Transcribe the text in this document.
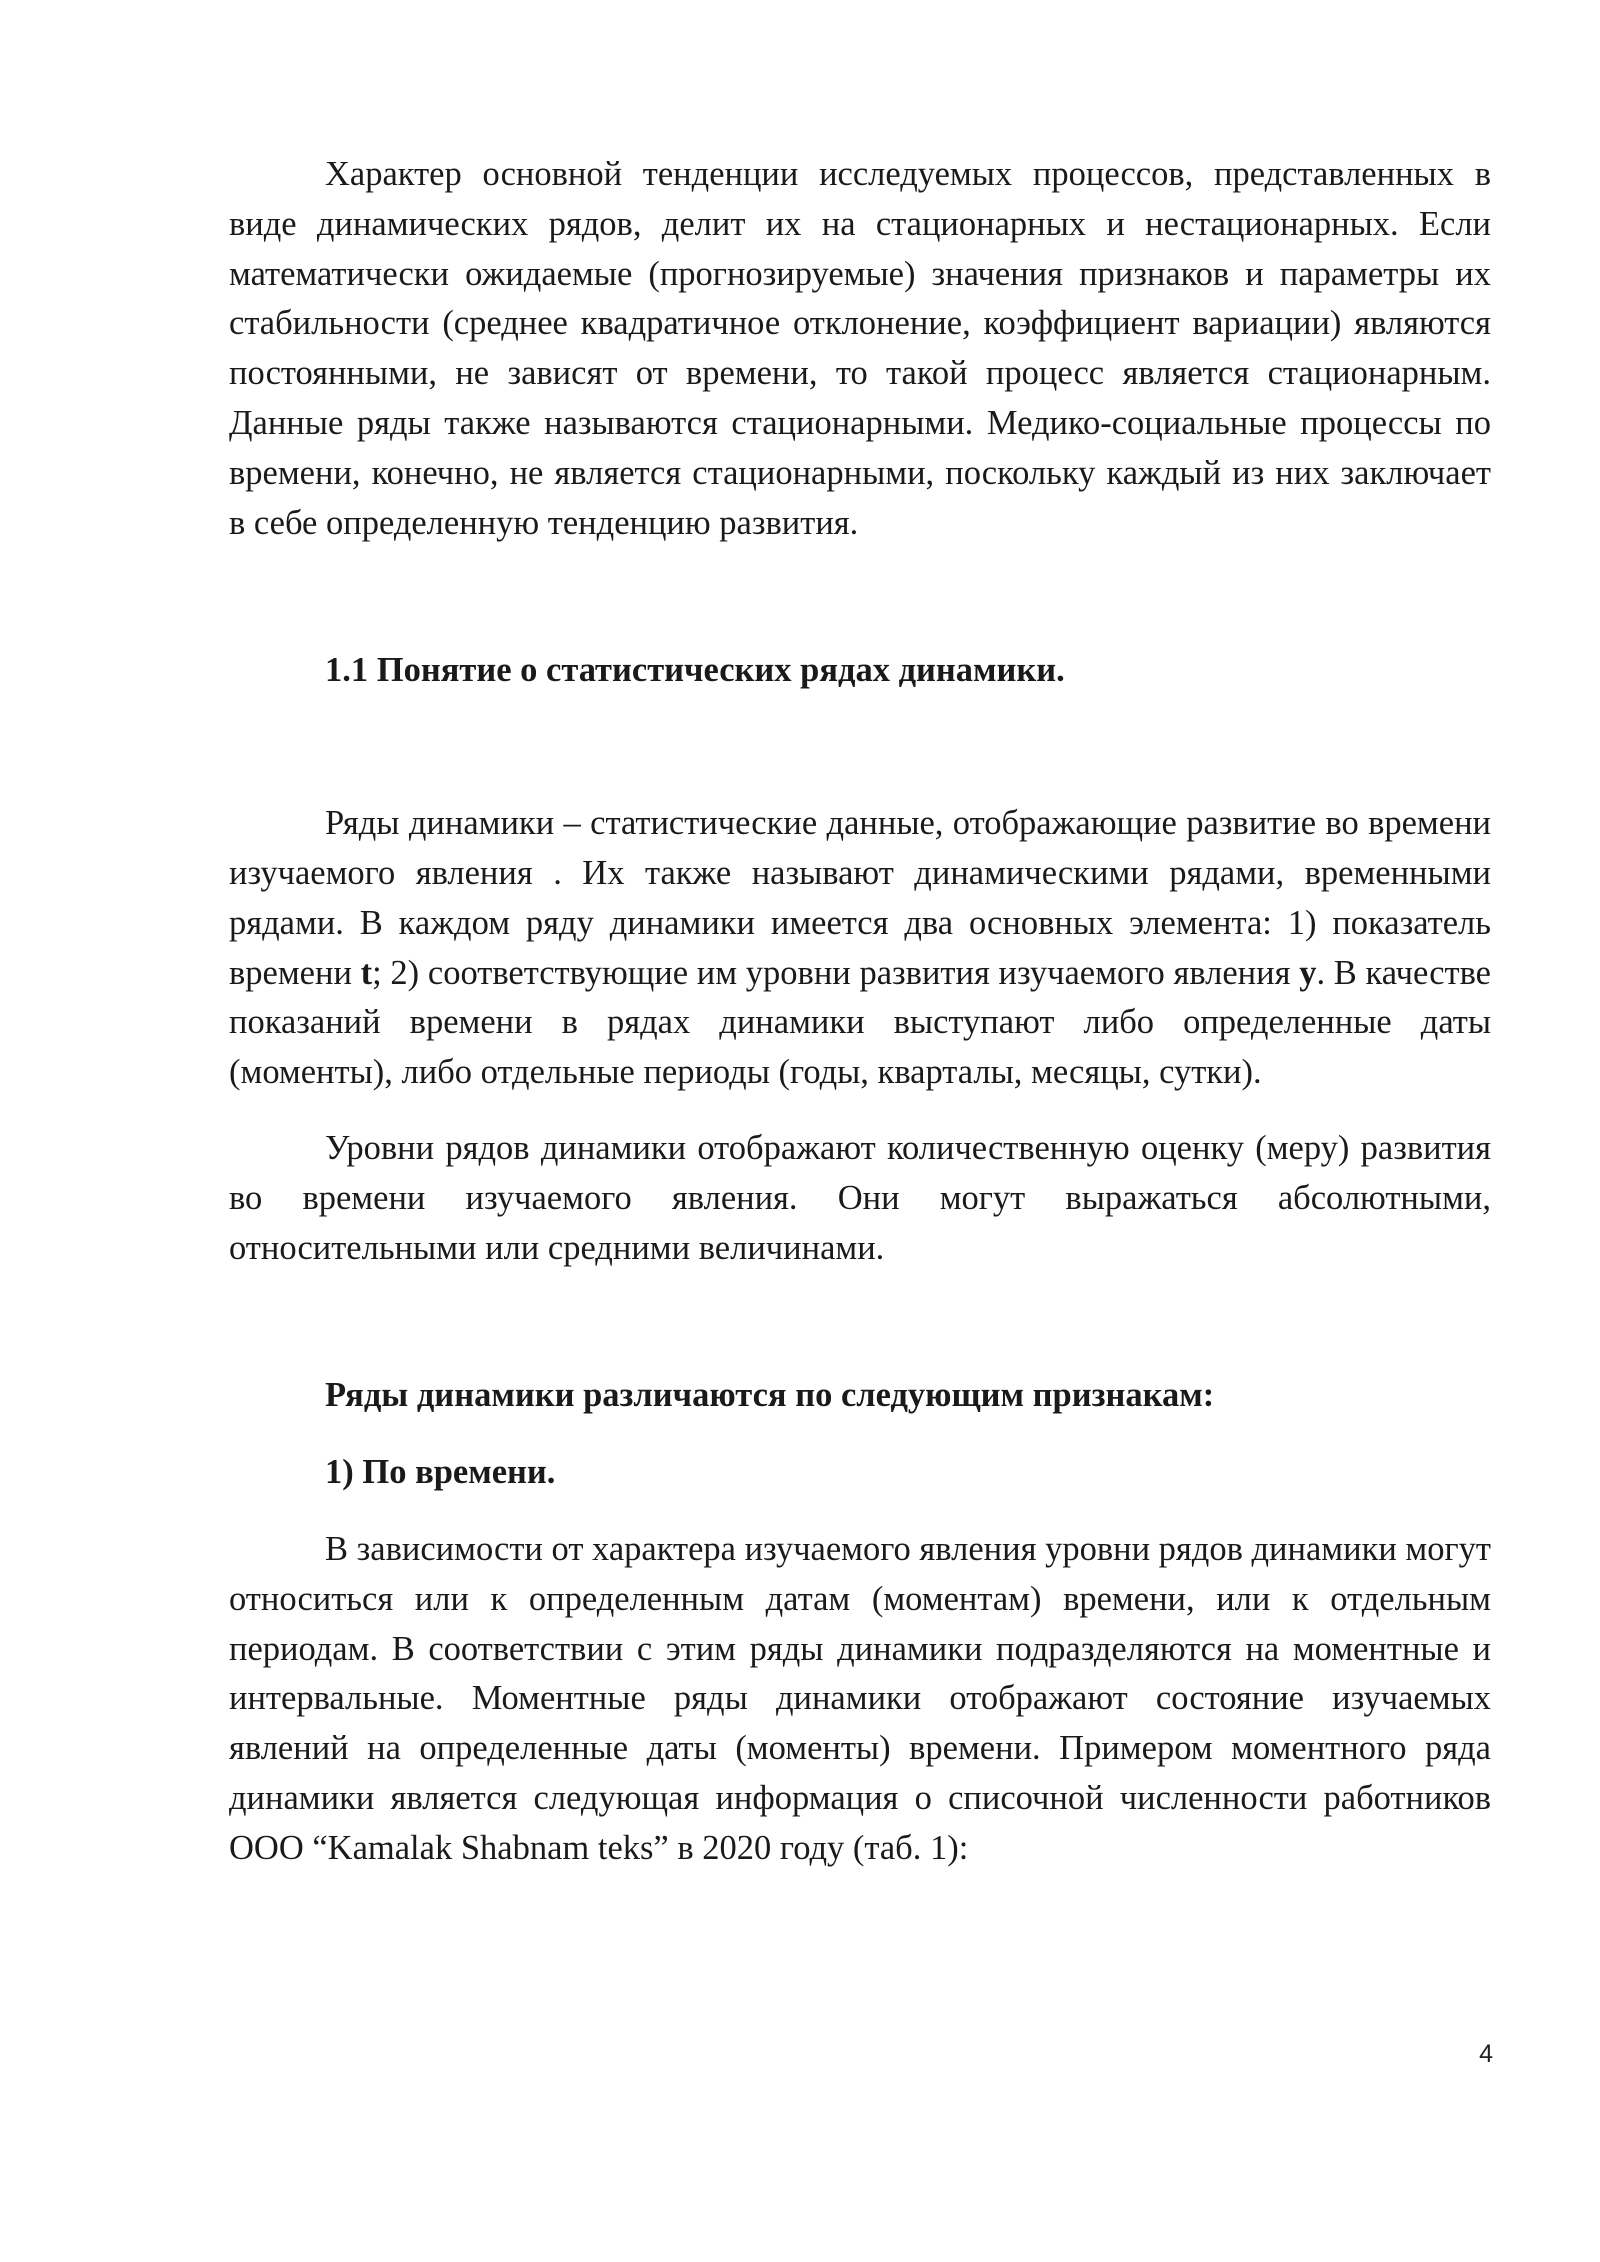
Характер основной тенденции исследуемых процессов, представленных в виде динамических рядов, делит их на стационарных и нестационарных. Если математически ожидаемые (прогнозируемые) значения признаков и параметры их стабильности (среднее квадратичное отклонение, коэффициент вариации) являются постоянными, не зависят от времени, то такой процесс является стационарным. Данные ряды также называются стационарными. Медико-социальные процессы по времени, конечно, не является стационарными, поскольку каждый из них заключает в себе определенную тенденцию развития.

1.1 Понятие о статистических рядах динамики.

Ряды динамики – статистические данные, отображающие развитие во времени изучаемого явления . Их также называют динамическими рядами, временными рядами. В каждом ряду динамики имеется два основных элемента: 1) показатель времени t; 2) соответствующие им уровни развития изучаемого явления y. В качестве показаний времени в рядах динамики выступают либо определенные даты (моменты), либо отдельные периоды (годы, кварталы, месяцы, сутки).

Уровни рядов динамики отображают количественную оценку (меру) развития во времени изучаемого явления. Они могут выражаться абсолютными, относительными или средними величинами.

Ряды динамики различаются по следующим признакам:

1) По времени.

В зависимости от характера изучаемого явления уровни рядов динамики могут относиться или к определенным датам (моментам) времени, или к отдельным периодам. В соответствии с этим ряды динамики подразделяются на моментные и интервальные. Моментные ряды динамики отображают состояние изучаемых явлений на определенные даты (моменты) времени. Примером моментного ряда динамики является следующая информация о списочной численности работников ООО “Kamalak Shabnam teks” в 2020 году (таб. 1):

4
